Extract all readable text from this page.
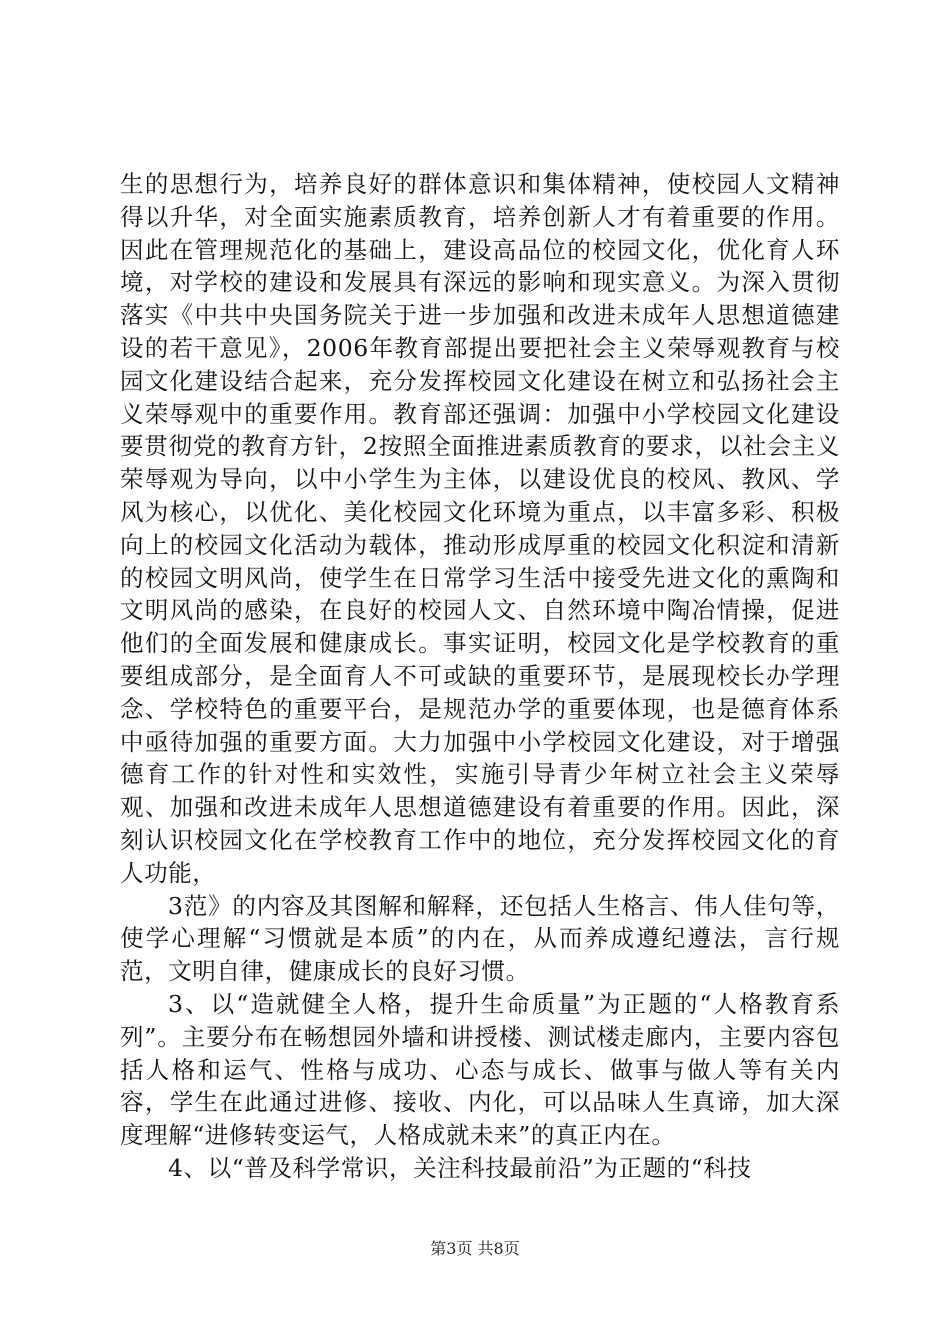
生的思想行为，培养良好的群体意识和集体精神，使校园人文精神得以升华，对全面实施素质教育，培养创新人才有着重要的作用。因此在管理规范化的基础上，建设高品位的校园文化，优化育人环境，对学校的建设和发展具有深远的影响和现实意义。为深入贯彻落实《中共中央国务院关于进一步加强和改进未成年人思想道德建设的若干意见》，2006年教育部提出要把社会主义荣辱观教育与校园文化建设结合起来，充分发挥校园文化建设在树立和弘扬社会主义荣辱观中的重要作用。教育部还强调：加强中小学校园文化建设要贯彻党的教育方针，2按照全面推进素质教育的要求，以社会主义荣辱观为导向，以中小学生为主体，以建设优良的校风、教风、学风为核心，以优化、美化校园文化环境为重点，以丰富多彩、积极向上的校园文化活动为载体，推动形成厚重的校园文化积淀和清新的校园文明风尚，使学生在日常学习生活中接受先进文化的熏陶和文明风尚的感染，在良好的校园人文、自然环境中陶冶情操，促进他们的全面发展和健康成长。事实证明，校园文化是学校教育的重要组成部分，是全面育人不可或缺的重要环节，是展现校长办学理念、学校特色的重要平台，是规范办学的重要体现，也是德育体系中亟待加强的重要方面。大力加强中小学校园文化建设，对于增强德育工作的针对性和实效性，实施引导青少年树立社会主义荣辱观、加强和改进未成年人思想道德建设有着重要的作用。因此，深刻认识校园文化在学校教育工作中的地位，充分发挥校园文化的育人功能，

3范》的内容及其图解和解释，还包括人生格言、伟人佳句等，使学心理解“习惯就是本质”的内在，从而养成遵纪遵法，言行规范，文明自律，健康成长的良好习惯。

3、以“造就健全人格，提升生命质量”为正题的“人格教育系列”。主要分布在畅想园外墙和讲授楼、测试楼走廊内，主要内容包括人格和运气、性格与成功、心态与成长、做事与做人等有关内容，学生在此通过进修、接收、内化，可以品味人生真谛，加大深度理解“进修转变运气，人格成就未来”的真正内在。

4、以“普及科学常识，关注科技最前沿”为正题的“科技

第3页 共8页
